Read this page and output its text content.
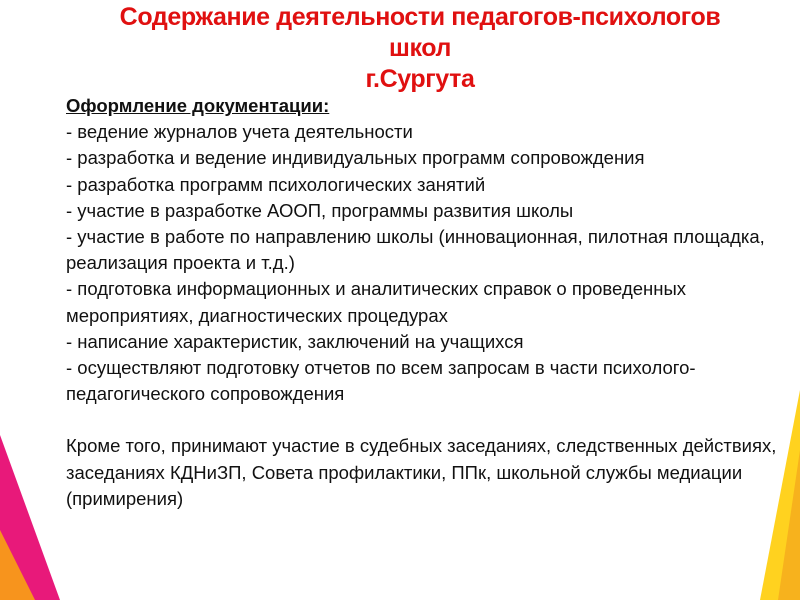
Содержание деятельности педагогов-психологов школ
г.Сургута

Оформление документации:

- ведение журналов учета деятельности
- разработка и ведение индивидуальных программ сопровождения
- разработка программ психологических занятий
- участие в разработке АООП, программы развития школы
- участие в работе по направлению школы (инновационная, пилотная площадка, реализация проекта и т.д.)
- подготовка информационных и аналитических справок о проведенных мероприятиях, диагностических процедурах
- написание характеристик, заключений на учащихся
- осуществляют подготовку отчетов по всем запросам в части психолого-педагогического сопровождения

Кроме того, принимают участие в судебных заседаниях, следственных действиях, заседаниях КДНиЗП, Совета профилактики, ППк, школьной службы медиации (примирения)
